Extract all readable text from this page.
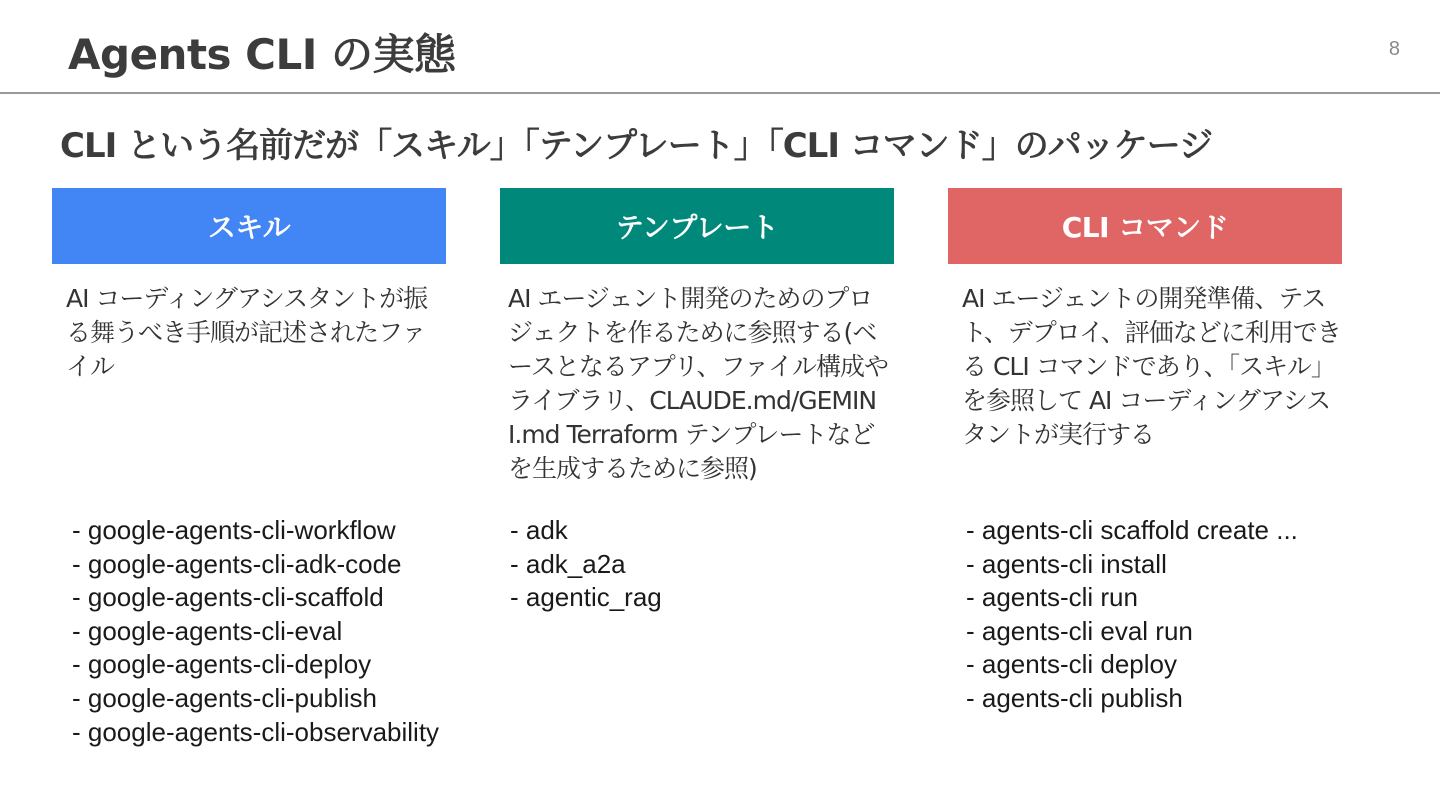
Agents CLI の実態	8
CLI という名前だが「スキル」「テンプレート」「CLI コマンド」のパッケージ
スキル
AI コーディングアシスタントが振る舞うべき手順が記述されたファイル
- google-agents-cli-workflow
- google-agents-cli-adk-code
- google-agents-cli-scaffold
- google-agents-cli-eval
- google-agents-cli-deploy
- google-agents-cli-publish
- google-agents-cli-observability
テンプレート
AI エージェント開発のためのプロジェクトを作るために参照する(ベースとなるアプリ、ファイル構成やライブラリ、CLAUDE.md/GEMINI.md Terraform テンプレートなどを生成するために参照)
- adk
- adk_a2a
- agentic_rag
CLI コマンド
AI エージェントの開発準備、テスト、デプロイ、評価などに利用できる CLI コマンドであり、「スキル」を参照して AI コーディングアシスタントが実行する
- agents-cli scaffold create ...
- agents-cli install
- agents-cli run
- agents-cli eval run
- agents-cli deploy
- agents-cli publish
